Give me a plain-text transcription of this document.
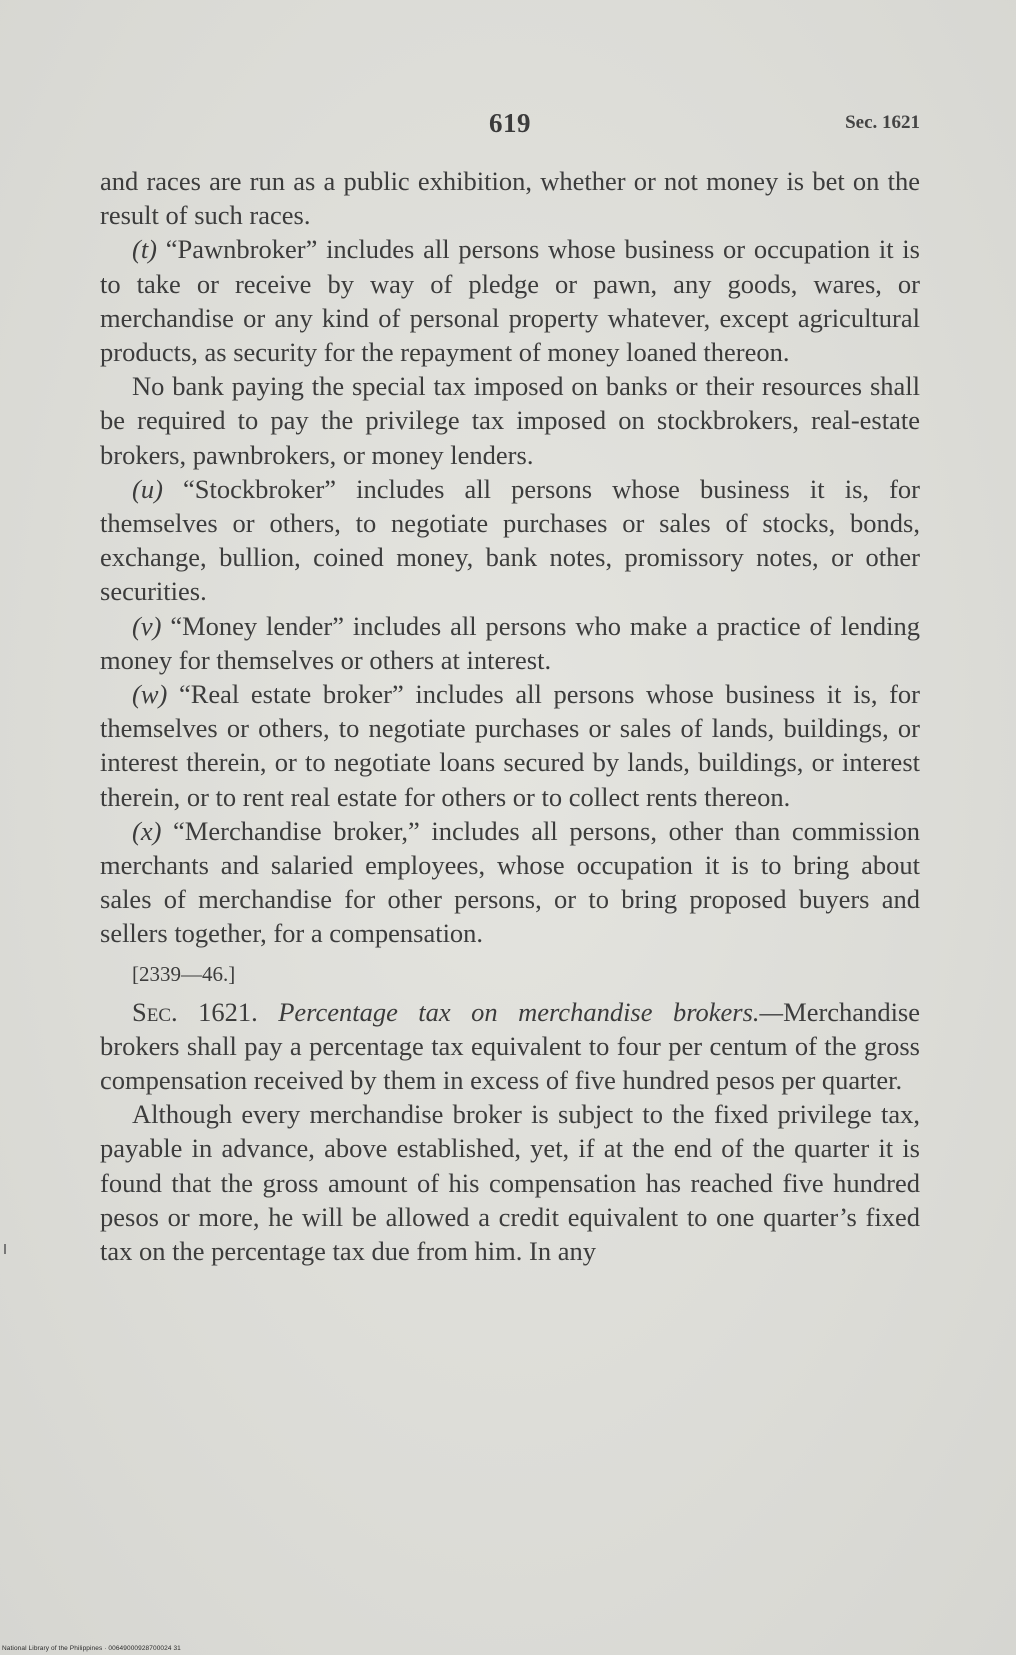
619	Sec. 1621

and races are run as a public exhibition, whether or not money is bet on the result of such races.

(t) “Pawnbroker” includes all persons whose business or occupation it is to take or receive by way of pledge or pawn, any goods, wares, or merchandise or any kind of personal property whatever, except agricultural products, as security for the repayment of money loaned thereon.

No bank paying the special tax imposed on banks or their resources shall be required to pay the privilege tax imposed on stockbrokers, real-estate brokers, pawnbrokers, or money lenders.

(u) “Stockbroker” includes all persons whose business it is, for themselves or others, to negotiate purchases or sales of stocks, bonds, exchange, bullion, coined money, bank notes, promissory notes, or other securities.

(v) “Money lender” includes all persons who make a practice of lending money for themselves or others at interest.

(w) “Real estate broker” includes all persons whose business it is, for themselves or others, to negotiate purchases or sales of lands, buildings, or interest therein, or to negotiate loans secured by lands, buildings, or interest therein, or to rent real estate for others or to collect rents thereon.

(x) “Merchandise broker,” includes all persons, other than commission merchants and salaried employees, whose occupation it is to bring about sales of merchandise for other persons, or to bring proposed buyers and sellers together, for a compensation.

[2339—46.]

Sec. 1621. Percentage tax on merchandise brokers.—Merchandise brokers shall pay a percentage tax equivalent to four per centum of the gross compensation received by them in excess of five hundred pesos per quarter.

Although every merchandise broker is subject to the fixed privilege tax, payable in advance, above established, yet, if at the end of the quarter it is found that the gross amount of his compensation has reached five hundred pesos or more, he will be allowed a credit equivalent to one quarter’s fixed tax on the percentage tax due from him. In any

National Library of the Philippines · 00649000928700024 31
